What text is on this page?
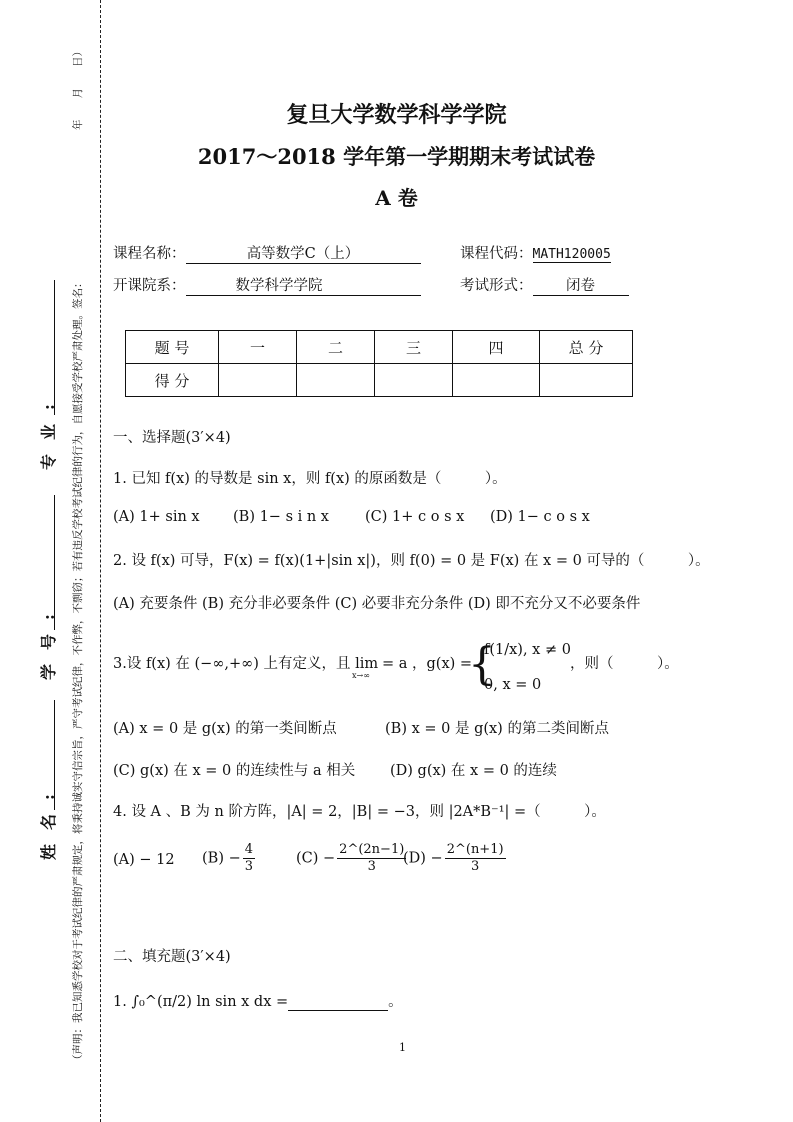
（声明：我已知悉学校对于考试纪律的严肃规定，将秉持诚实守信宗旨，严守考试纪律，不作弊，不剽窃；若有违反学校考试纪律的行为，自愿接受学校严肃处理。签名：
年　　月　　日）
姓名:
学号:
专业:
复旦大学数学科学学院
2017～2018 学年第一学期期末考试试卷
A 卷
课程名称：	高等数学C（上）	课程代码：MATH120005
开课院系：	数学科学学院	考试形式： 闭卷
题 号	一	二	三	四	总 分
得 分					
一、选择题(3′×4)
1. 已知 f(x) 的导数是 sin x，则 f(x) 的原函数是（　　　）。
(A) 1+ sin x (B) 1− s i n x (C) 1+ c o s x (D) 1− c o s x
2. 设 f(x) 可导，F(x) = f(x)(1+|sin x|)，则 f(0) = 0 是 F(x) 在 x = 0 可导的（　　　）。
(A) 充要条件 (B) 充分非必要条件 (C) 必要非充分条件 (D) 即不充分又不必要条件
3.设 f(x) 在 (−∞,+∞) 上有定义，且 lim
x→∞
= a ，g(x) =
{
f(1/x), x ≠ 0
0, x = 0
，则（　　　）。
(A) x = 0 是 g(x) 的第一类间断点	(B) x = 0 是 g(x) 的第二类间断点
(C) g(x) 在 x = 0 的连续性与 a 相关 (D) g(x) 在 x = 0 的连续
4. 设 A 、B 为 n 阶方阵，|A| = 2，|B| = −3，则 |2A*B⁻¹| =（　　　）。
(A) − 12 $(B) - \frac{4}{3}$	$(C) - \frac{2\^{}(2n-1)}{3}$
$(D) - \frac{2\^{}(n+1)}{3}$
二、填充题(3′×4)
1. ∫₀^(π/2) ln sin x dx =	。
1
